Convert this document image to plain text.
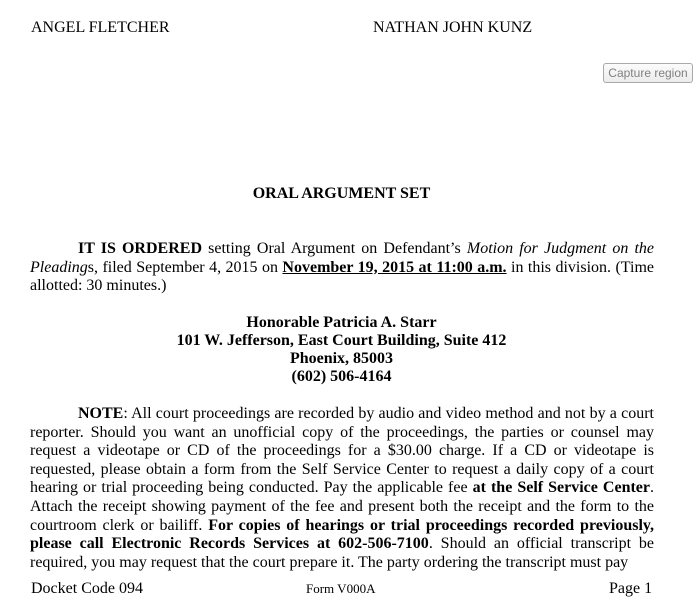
ANGEL FLETCHER	NATHAN JOHN KUNZ
Capture region
ORAL ARGUMENT SET

IT IS ORDERED setting Oral Argument on Defendant’s Motion for Judgment on the Pleadings, filed September 4, 2015 on November 19, 2015 at 11:00 a.m. in this division. (Time allotted: 30 minutes.)

Honorable Patricia A. Starr
101 W. Jefferson, East Court Building, Suite 412
Phoenix, 85003
(602) 506-4164

NOTE: All court proceedings are recorded by audio and video method and not by a court reporter. Should you want an unofficial copy of the proceedings, the parties or counsel may request a videotape or CD of the proceedings for a $30.00 charge. If a CD or videotape is requested, please obtain a form from the Self Service Center to request a daily copy of a court hearing or trial proceeding being conducted. Pay the applicable fee at the Self Service Center. Attach the receipt showing payment of the fee and present both the receipt and the form to the courtroom clerk or bailiff. For copies of hearings or trial proceedings recorded previously, please call Electronic Records Services at 602-506-7100. Should an official transcript be required, you may request that the court prepare it. The party ordering the transcript must pay

Docket Code 094	Form V000A	Page 1
